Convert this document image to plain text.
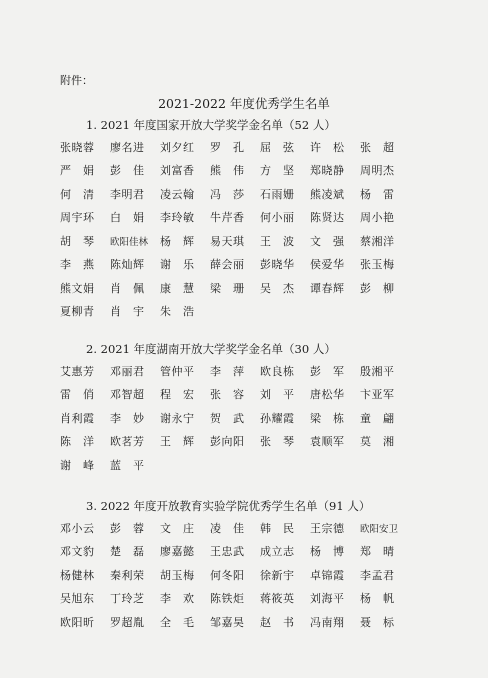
附件：
2021-2022 年度优秀学生名单
1. 2021 年度国家开放大学奖学金名单（52 人）
张晓蓉	廖名进	刘夕红	罗　孔	屈　弦	许　松	张　超
严　娟	彭　佳	刘富香	熊　伟	方　坚	郑晓静	周明杰
何　清	李明君	凌云翰	冯　莎	石雨姗	熊凌斌	杨　雷
周宇环	白　娟	李玲敏	牛芹香	何小丽	陈贤达	周小艳
胡　琴	欧阳佳林	杨　辉	易天琪	王　波	文　强	蔡湘洋
李　燕	陈灿辉	谢　乐	薛会丽	彭晓华	侯爱华	张玉梅
熊文娟	肖　佩	康　慧	梁　珊	吴　杰	谭春辉	彭　柳
夏柳青	肖　宇	朱　浩
2. 2021 年度湖南开放大学奖学金名单（30 人）
艾惠芳	邓丽君	管仲平	李　萍	欧良栋	彭　军	殷湘平
雷　俏	邓智超	程　宏	张　容	刘　平	唐松华	卞亚军
肖利霞	李　妙	谢永宁	贺　武	孙耀霞	梁　栋	童　翩
陈　洋	欧茗芳	王　辉	彭向阳	张　琴	袁顺军	莫　湘
谢　峰	蓝　平
3. 2022 年度开放教育实验学院优秀学生名单（91 人）
邓小云	彭　蓉	文　庄	凌　佳	韩　民	王宗德	欧阳安卫
邓文豹	楚　磊	廖嘉懿	王忠武	成立志	杨　博	郑　晴
杨健林	秦利荣	胡玉梅	何冬阳	徐新宇	卓锦霞	李孟君
吴旭东	丁玲芝	李　欢	陈铁炬	蒋筱英	刘海平	杨　帆
欧阳昕	罗超胤	全　毛	邹嘉昊	赵　书	冯南翔	聂　标
